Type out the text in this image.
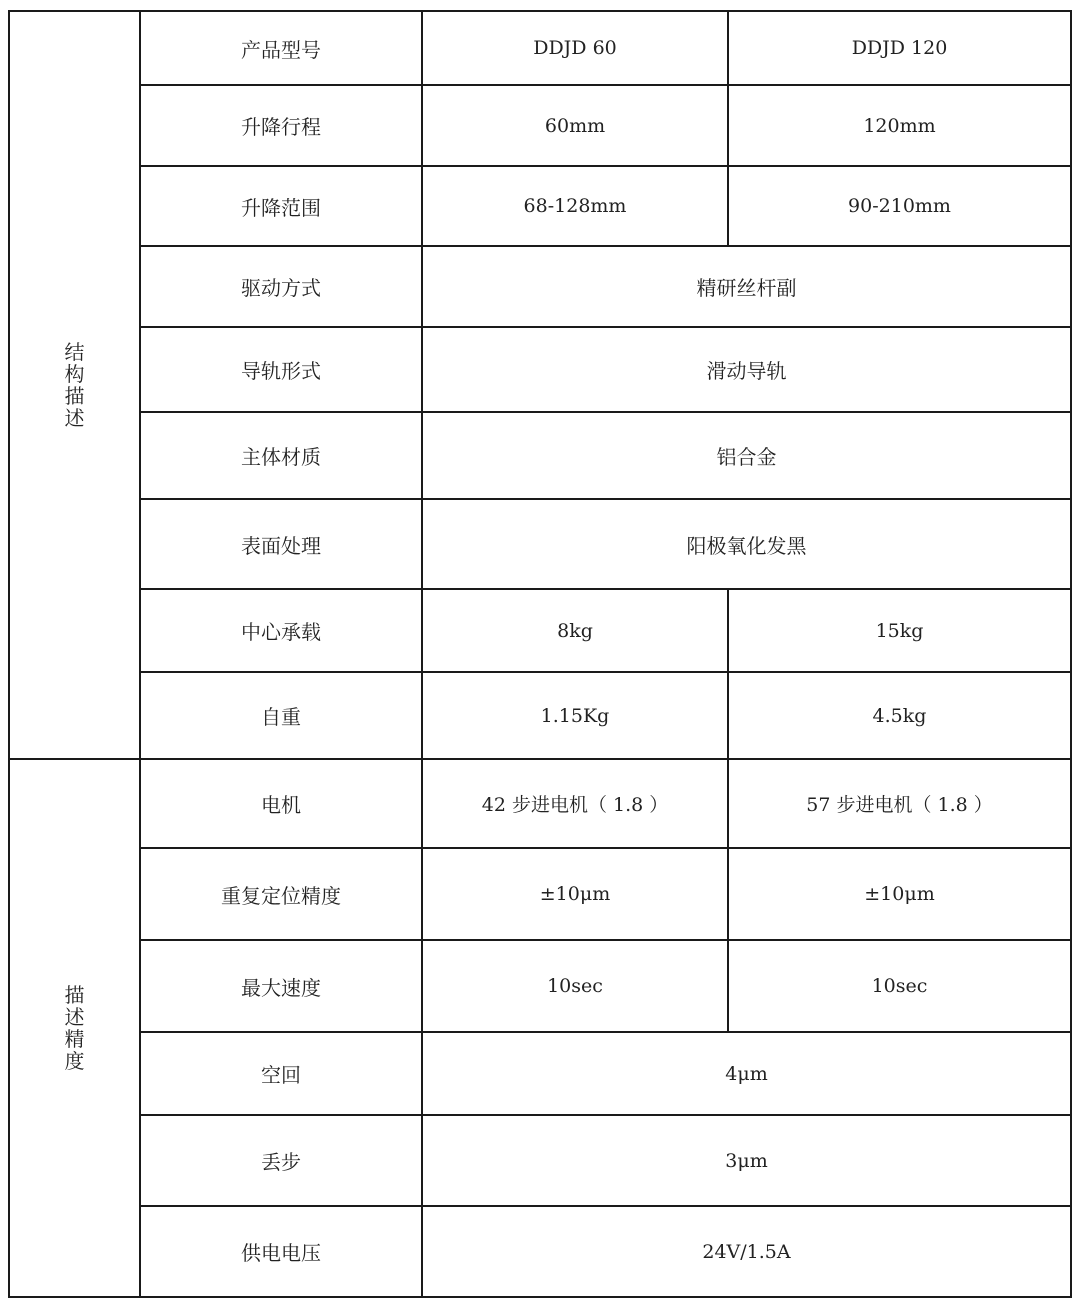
结构描述	产品型号	DDJD 60	DDJD 120
	升降行程	60mm	120mm
	升降范围	68-128mm	90-210mm
	驱动方式	精研丝杆副	
	导轨形式	滑动导轨	
	主体材质	铝合金	
	表面处理	阳极氧化发黑	
	中心承载	8kg	15kg
	自重	1.15Kg	4.5kg
描述精度	电机	42 步进电机（ 1.8 ）	57 步进电机（ 1.8 ）
	重复定位精度	±10μm	±10μm
	最大速度	10sec	10sec
	空回	4μm	
	丢步	3μm	
	供电电压	24V/1.5A	
